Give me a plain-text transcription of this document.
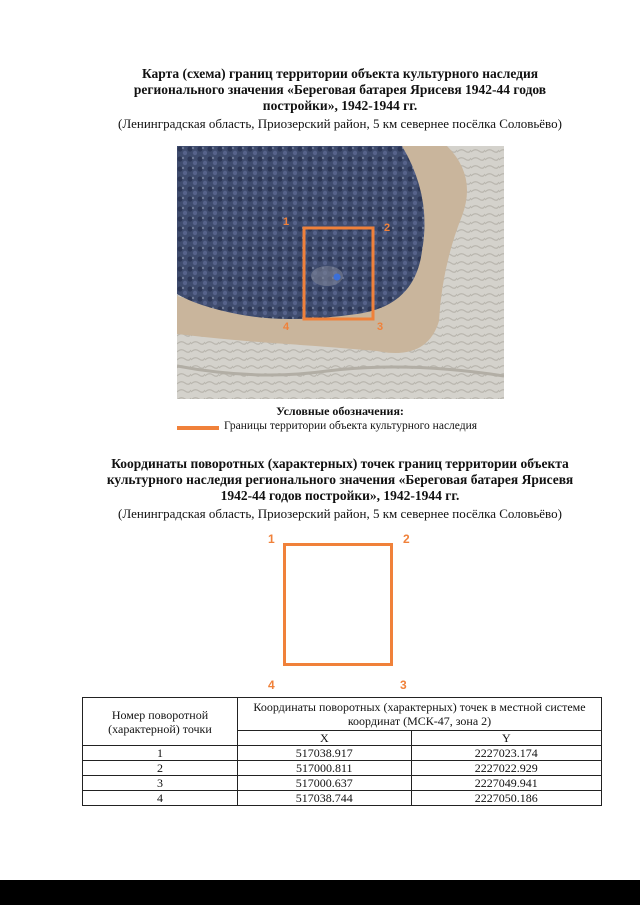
Карта (схема) границ территории объекта культурного наследия
регионального значения «Береговая батарея Ярисевя 1942-44 годов
постройки», 1942-1944 гг.
(Ленинградская область, Приозерский район, 5 км севернее посёлка Соловьёво)
1	2
3
4
Условные обозначения:
Границы территории объекта культурного наследия
Координаты поворотных (характерных) точек границ территории объекта
культурного наследия регионального значения «Береговая батарея Ярисевя
1942-44 годов постройки», 1942-1944 гг.
(Ленинградская область, Приозерский район, 5 км севернее посёлка Соловьёво)
1	2
3
4
Номер поворотной (характерной) точки	Координаты поворотных (характерных) точек в местной системе координат (МСК-47, зона 2)	
	X	Y
1	517038.917	2227023.174
2	517000.811	2227022.929
3	517000.637	2227049.941
4	517038.744	2227050.186
